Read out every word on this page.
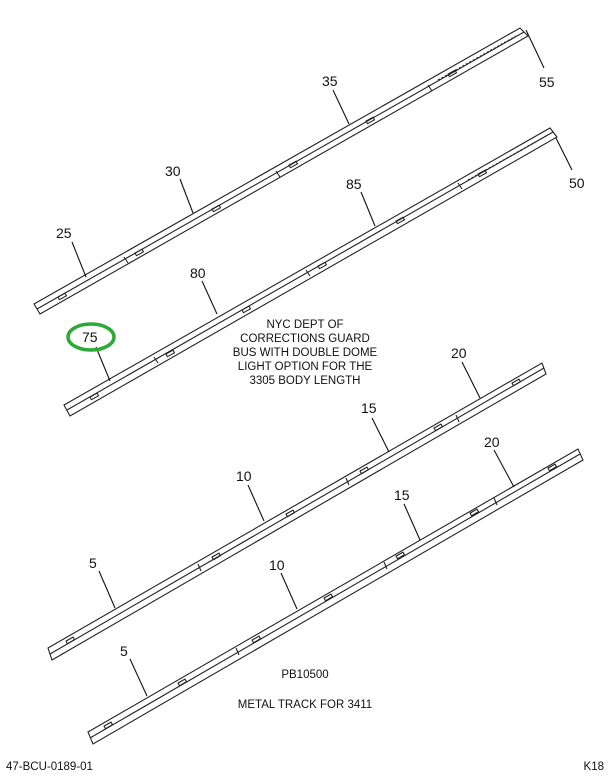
25
30
35	55
50
85
80
75
20
15
10
5
20
15
10
5
NYC DEPT OF
CORRECTIONS GUARD
BUS WITH DOUBLE DOME
LIGHT OPTION FOR THE
3305 BODY LENGTH
PB10500
METAL TRACK FOR 3411
47-BCU-0189-01	K18
